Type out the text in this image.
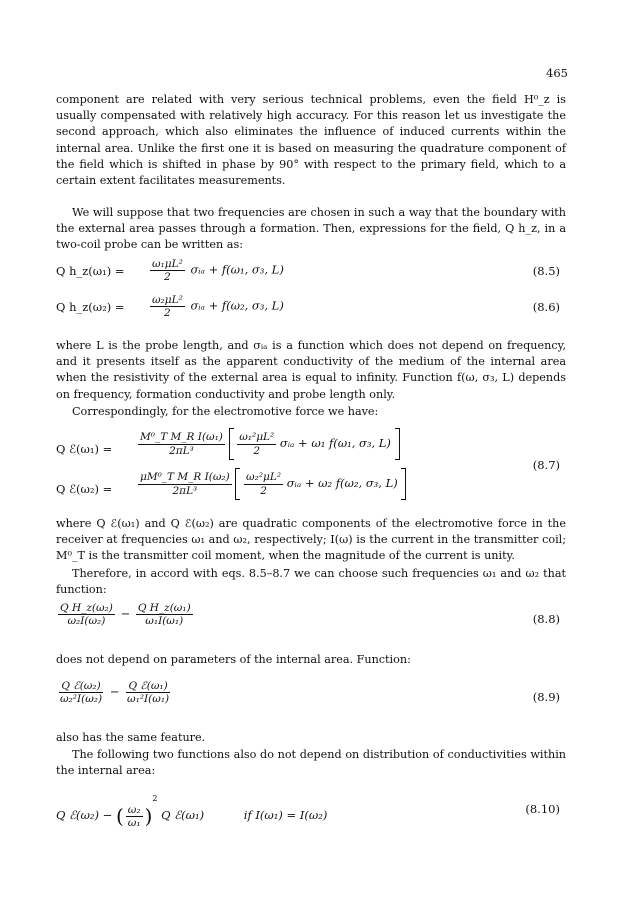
465

component are related with very serious technical problems, even the field H⁰_z is usually compensated with relatively high accuracy. For this reason let us investigate the second approach, which also eliminates the influence of induced currents within the internal area. Unlike the first one it is based on measuring the quadrature component of the field which is shifted in phase by 90° with respect to the primary field, which to a certain extent facilitates measurements.

We will suppose that two frequencies are chosen in such a way that the boundary with the external area passes through a formation. Then, expressions for the field, Q h_z, in a two-coil probe can be written as:

Q h_z(ω₁) = $\frac{\text{ω₁μL²}}{2}$ σᵢₐ + f(ω₁, σ₃, L)	(8.5)
Q h_z(ω₂) = $\frac{\text{ω₂μL²}}{2}$ σᵢₐ + f(ω₂, σ₃, L)	(8.6)

where L is the probe length, and σᵢₐ is a function which does not depend on frequency, and it presents itself as the apparent conductivity of the medium of the internal area when the resistivity of the external area is equal to infinity. Function f(ω, σ₃, L) depends on frequency, formation conductivity and probe length only.

Correspondingly, for the electromotive force we have:

Q ℰ(ω₁) = $\frac{\text{M⁰\_T M\_R I(ω₁)}}{\text{2πL³}}$
$\frac{\text{ω₁²μL²}}{2}$ σᵢₐ + ω₁ f(ω₁, σ₃, L)
(8.7)
Q ℰ(ω₂) = $\frac{\text{μM⁰\_T M\_R I(ω₂)}}{\text{2πL³}}$
$\frac{\text{ω₂²μL²}}{2}$ σᵢₐ + ω₂ f(ω₂, σ₃, L)

where Q ℰ(ω₁) and Q ℰ(ω₂) are quadratic components of the electromotive force in the receiver at frequencies ω₁ and ω₂, respectively; I(ω) is the current in the transmitter coil; M⁰_T is the transmitter coil moment, when the magnitude of the current is unity.

Therefore, in accord with eqs. 8.5–8.7 we can choose such frequencies ω₁ and ω₂ that function:

$\frac{\text{Q H\_z(ω₂)}}{\text{ω₂I(ω₂)}} - \frac{\text{Q H\_z(ω₁)}}{\text{ω₁I(ω₁)}}$	(8.8)

does not depend on parameters of the internal area. Function:

$\frac{\text{Q ℰ(ω₂)}}{\text{ω₂²I(ω₂)}} - \frac{\text{Q ℰ(ω₁)}}{\text{ω₁²I(ω₁)}}$	(8.9)

also has the same feature.

The following two functions also do not depend on distribution of conductivities within the internal area:

Q ℰ(ω₂) − ( $\frac{\text{ω₂}}{\text{ω₁}} )^2$ Q ℰ(ω₁)	if I(ω₁) = I(ω₂)	(8.10)
